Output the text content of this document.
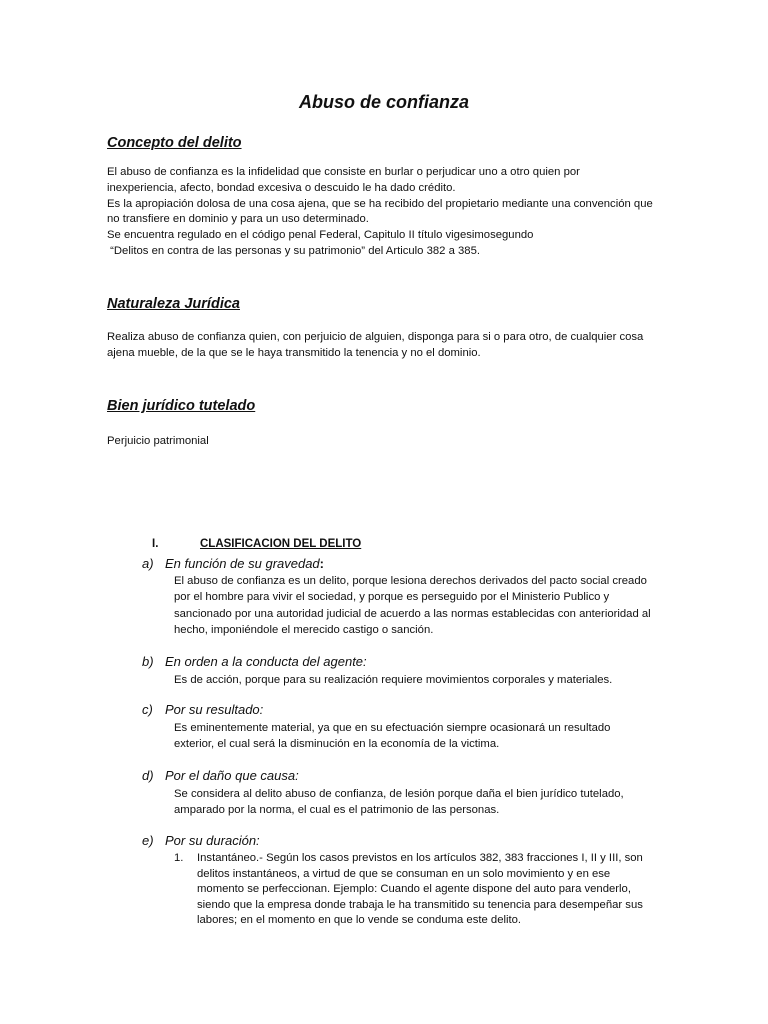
Abuso de confianza
Concepto del delito

El abuso de confianza es la infidelidad que consiste en burlar o perjudicar uno a otro quien por

inexperiencia, afecto, bondad excesiva o descuido le ha dado crédito.

Es la apropiación dolosa de una cosa ajena, que se ha recibido del propietario mediante una convención que

no transfiere en dominio y para un uso determinado.

Se encuentra regulado en el código penal Federal, Capitulo II título vigesimosegundo

“Delitos en contra de las personas y su patrimonio” del Articulo 382 a 385.

Naturaleza Jurídica

Realiza abuso de confianza quien, con perjuicio de alguien, disponga para si o para otro, de cualquier cosa

ajena mueble, de la que se le haya transmitido la tenencia y no el dominio.

Bien jurídico tutelado

Perjuicio patrimonial

I.	CLASIFICACION DEL DELITO
a) En función de su gravedad:

El abuso de confianza es un delito, porque lesiona derechos derivados del pacto social creado

por el hombre para vivir el sociedad, y porque es perseguido por el Ministerio Publico y

sancionado por una autoridad judicial de acuerdo a las normas establecidas con anterioridad al

hecho, imponiéndole el merecido castigo o sanción.

b) En orden a la conducta del agente:

Es de acción, porque para su realización requiere movimientos corporales y materiales.

c) Por su resultado:

Es eminentemente material, ya que en su efectuación siempre ocasionará un resultado

exterior, el cual será la disminución en la economía de la victima.

d) Por el daño que causa:

Se considera al delito abuso de confianza, de lesión porque daña el bien jurídico tutelado,

amparado por la norma, el cual es el patrimonio de las personas.

e) Por su duración:
1. Instantáneo.- Según los casos previstos en los artículos 382, 383 fracciones I, II y III, son

delitos instantáneos, a virtud de que se consuman en un solo movimiento y en ese

momento se perfeccionan. Ejemplo: Cuando el agente dispone del auto para venderlo,

siendo que la empresa donde trabaja le ha transmitido su tenencia para desempeñar sus

labores; en el momento en que lo vende se conduma este delito.
